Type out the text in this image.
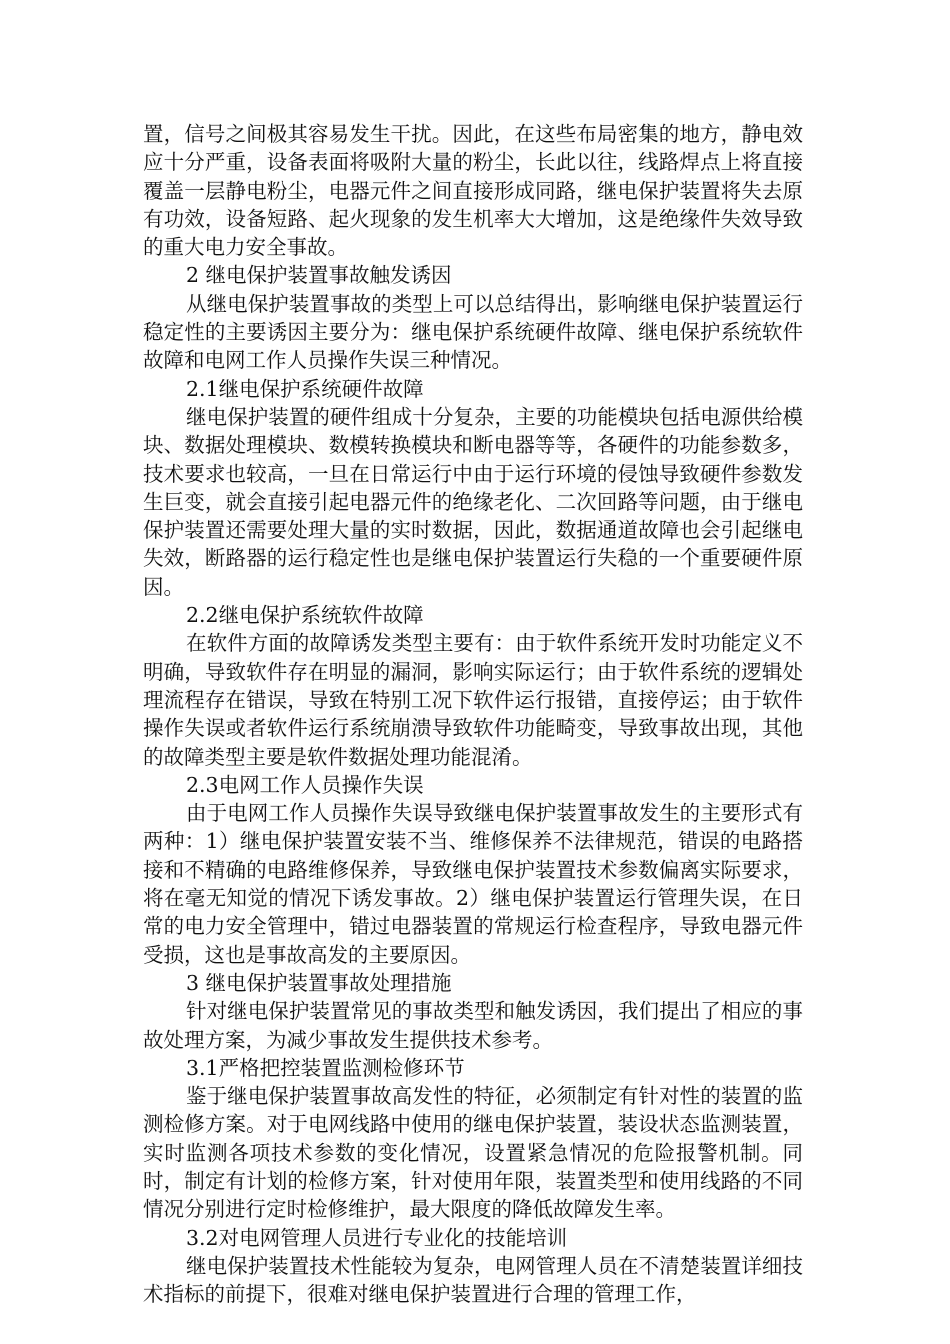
置，信号之间极其容易发生干扰。因此，在这些布局密集的地方，静电效应十分严重，设备表面将吸附大量的粉尘，长此以往，线路焊点上将直接覆盖一层静电粉尘，电器元件之间直接形成同路，继电保护装置将失去原有功效，设备短路、起火现象的发生机率大大增加，这是绝缘件失效导致的重大电力安全事故。

2 继电保护装置事故触发诱因

从继电保护装置事故的类型上可以总结得出，影响继电保护装置运行稳定性的主要诱因主要分为：继电保护系统硬件故障、继电保护系统软件故障和电网工作人员操作失误三种情况。

2.1继电保护系统硬件故障

继电保护装置的硬件组成十分复杂，主要的功能模块包括电源供给模块、数据处理模块、数模转换模块和断电器等等，各硬件的功能参数多，技术要求也较高，一旦在日常运行中由于运行环境的侵蚀导致硬件参数发生巨变，就会直接引起电器元件的绝缘老化、二次回路等问题，由于继电保护装置还需要处理大量的实时数据，因此，数据通道故障也会引起继电失效，断路器的运行稳定性也是继电保护装置运行失稳的一个重要硬件原因。

2.2继电保护系统软件故障

在软件方面的故障诱发类型主要有：由于软件系统开发时功能定义不明确，导致软件存在明显的漏洞，影响实际运行；由于软件系统的逻辑处理流程存在错误，导致在特别工况下软件运行报错，直接停运；由于软件操作失误或者软件运行系统崩溃导致软件功能畸变，导致事故出现，其他的故障类型主要是软件数据处理功能混淆。

2.3电网工作人员操作失误

由于电网工作人员操作失误导致继电保护装置事故发生的主要形式有两种：1）继电保护装置安装不当、维修保养不法律规范，错误的电路搭接和不精确的电路维修保养，导致继电保护装置技术参数偏离实际要求，将在毫无知觉的情况下诱发事故。2）继电保护装置运行管理失误，在日常的电力安全管理中，错过电器装置的常规运行检查程序，导致电器元件受损，这也是事故高发的主要原因。

3 继电保护装置事故处理措施

针对继电保护装置常见的事故类型和触发诱因，我们提出了相应的事故处理方案，为减少事故发生提供技术参考。

3.1严格把控装置监测检修环节

鉴于继电保护装置事故高发性的特征，必须制定有针对性的装置的监测检修方案。对于电网线路中使用的继电保护装置，装设状态监测装置，实时监测各项技术参数的变化情况，设置紧急情况的危险报警机制。同时，制定有计划的检修方案，针对使用年限，装置类型和使用线路的不同情况分别进行定时检修维护，最大限度的降低故障发生率。

3.2对电网管理人员进行专业化的技能培训

继电保护装置技术性能较为复杂，电网管理人员在不清楚装置详细技术指标的前提下，很难对继电保护装置进行合理的管理工作，
